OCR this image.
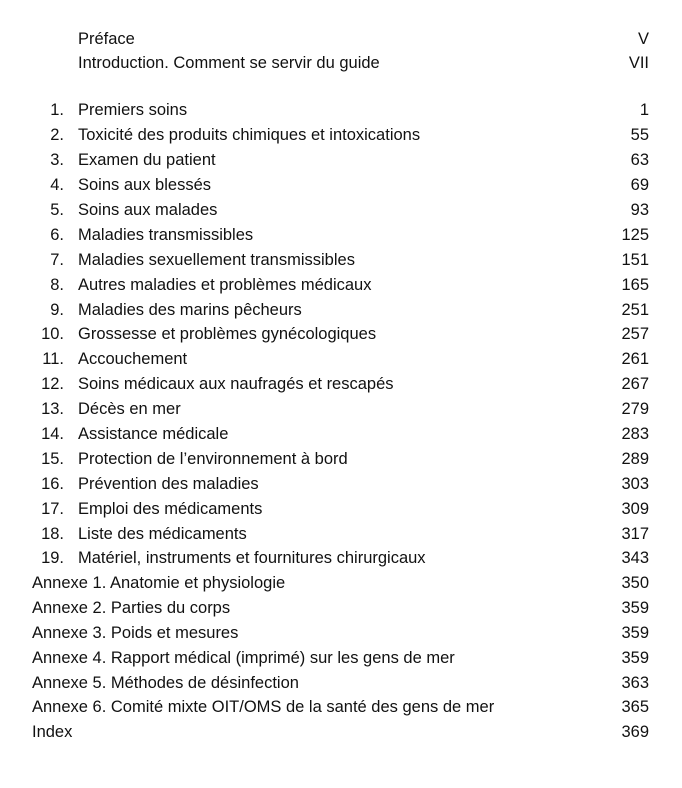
Préface	V
Introduction. Comment se servir du guide	VII
1. Premiers soins	1
2. Toxicité des produits chimiques et intoxications	55
3. Examen du patient	63
4. Soins aux blessés	69
5. Soins aux malades	93
6. Maladies transmissibles	125
7. Maladies sexuellement transmissibles	151
8. Autres maladies et problèmes médicaux	165
9. Maladies des marins pêcheurs	251
10. Grossesse et problèmes gynécologiques	257
11. Accouchement	261
12. Soins médicaux aux naufragés et rescapés	267
13. Décès en mer	279
14. Assistance médicale	283
15. Protection de l’environnement à bord	289
16. Prévention des maladies	303
17. Emploi des médicaments	309
18. Liste des médicaments	317
19. Matériel, instruments et fournitures chirurgicaux	343
Annexe 1. Anatomie et physiologie	350
Annexe 2. Parties du corps	359
Annexe 3. Poids et mesures	359
Annexe 4. Rapport médical (imprimé) sur les gens de mer	359
Annexe 5. Méthodes de désinfection	363
Annexe 6. Comité mixte OIT/OMS de la santé des gens de mer	365
Index	369
